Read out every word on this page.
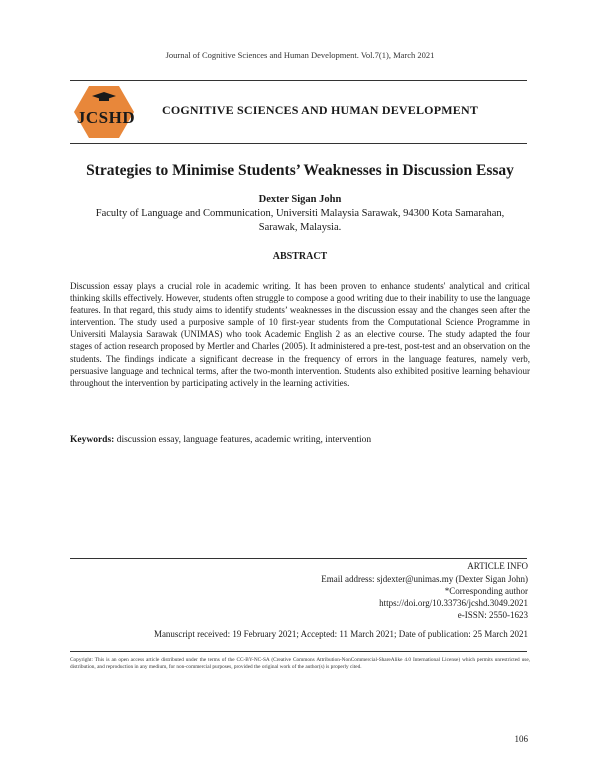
Journal of Cognitive Sciences and Human Development. Vol.7(1), March 2021
JCSHD	COGNITIVE SCIENCES AND HUMAN DEVELOPMENT
Strategies to Minimise Students’ Weaknesses in Discussion Essay
Dexter Sigan John
Faculty of Language and Communication, Universiti Malaysia Sarawak, 94300 Kota Samarahan,
Sarawak, Malaysia.
ABSTRACT
Discussion essay plays a crucial role in academic writing. It has been proven to enhance students' analytical and critical thinking skills effectively. However, students often struggle to compose a good writing due to their inability to use the language features. In that regard, this study aims to identify students’ weaknesses in the discussion essay and the changes seen after the intervention. The study used a purposive sample of 10 first-year students from the Computational Science Programme in Universiti Malaysia Sarawak (UNIMAS) who took Academic English 2 as an elective course. The study adapted the four stages of action research proposed by Mertler and Charles (2005). It administered a pre-test, post-test and an observation on the students. The findings indicate a significant decrease in the frequency of errors in the language features, namely verb, persuasive language and technical terms, after the two-month intervention. Students also exhibited positive learning behaviour throughout the intervention by participating actively in the learning activities.
Keywords: discussion essay, language features, academic writing, intervention
ARTICLE INFO
Email address: sjdexter@unimas.my (Dexter Sigan John)
*Corresponding author
https://doi.org/10.33736/jcshd.3049.2021
e-ISSN: 2550-1623
Manuscript received: 19 February 2021; Accepted: 11 March 2021; Date of publication: 25 March 2021
Copyright: This is an open access article distributed under the terms of the CC-BY-NC-SA (Creative Commons Attribution-NonCommercial-ShareAlike 4.0 International License) which permits unrestricted use, distribution, and reproduction in any medium, for non-commercial purposes, provided the original work of the author(s) is properly cited.
106
